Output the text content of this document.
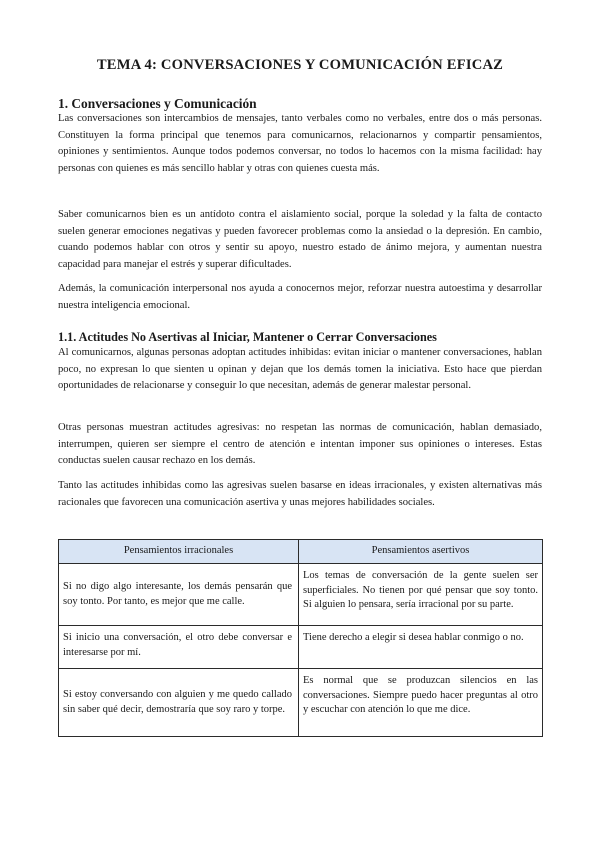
TEMA 4: CONVERSACIONES Y COMUNICACIÓN EFICAZ
1. Conversaciones y Comunicación

Las conversaciones son intercambios de mensajes, tanto verbales como no verbales, entre dos o más personas. Constituyen la forma principal que tenemos para comunicarnos, relacionarnos y compartir pensamientos, opiniones y sentimientos. Aunque todos podemos conversar, no todos lo hacemos con la misma facilidad: hay personas con quienes es más sencillo hablar y otras con quienes cuesta más.

Saber comunicarnos bien es un antídoto contra el aislamiento social, porque la soledad y la falta de contacto suelen generar emociones negativas y pueden favorecer problemas como la ansiedad o la depresión. En cambio, cuando podemos hablar con otros y sentir su apoyo, nuestro estado de ánimo mejora, y aumentan nuestra capacidad para manejar el estrés y superar dificultades.

Además, la comunicación interpersonal nos ayuda a conocernos mejor, reforzar nuestra autoestima y desarrollar nuestra inteligencia emocional.

1.1. Actitudes No Asertivas al Iniciar, Mantener o Cerrar Conversaciones

Al comunicarnos, algunas personas adoptan actitudes inhibidas: evitan iniciar o mantener conversaciones, hablan poco, no expresan lo que sienten u opinan y dejan que los demás tomen la iniciativa. Esto hace que pierdan oportunidades de relacionarse y conseguir lo que necesitan, además de generar malestar personal.

Otras personas muestran actitudes agresivas: no respetan las normas de comunicación, hablan demasiado, interrumpen, quieren ser siempre el centro de atención e intentan imponer sus opiniones o intereses. Estas conductas suelen causar rechazo en los demás.

Tanto las actitudes inhibidas como las agresivas suelen basarse en ideas irracionales, y existen alternativas más racionales que favorecen una comunicación asertiva y unas mejores habilidades sociales.

Pensamientos irracionales	Pensamientos asertivos
Si no digo algo interesante, los demás pensarán que soy tonto. Por tanto, es mejor que me calle.	Los temas de conversación de la gente suelen ser superficiales. No tienen por qué pensar que soy tonto. Si alguien lo pensara, sería irracional por su parte.
Si inicio una conversación, el otro debe conversar e interesarse por mí.	Tiene derecho a elegir si desea hablar conmigo o no.
Si estoy conversando con alguien y me quedo callado sin saber qué decir, demostraría que soy raro y torpe.	Es normal que se produzcan silencios en las conversaciones. Siempre puedo hacer preguntas al otro y escuchar con atención lo que me dice.
